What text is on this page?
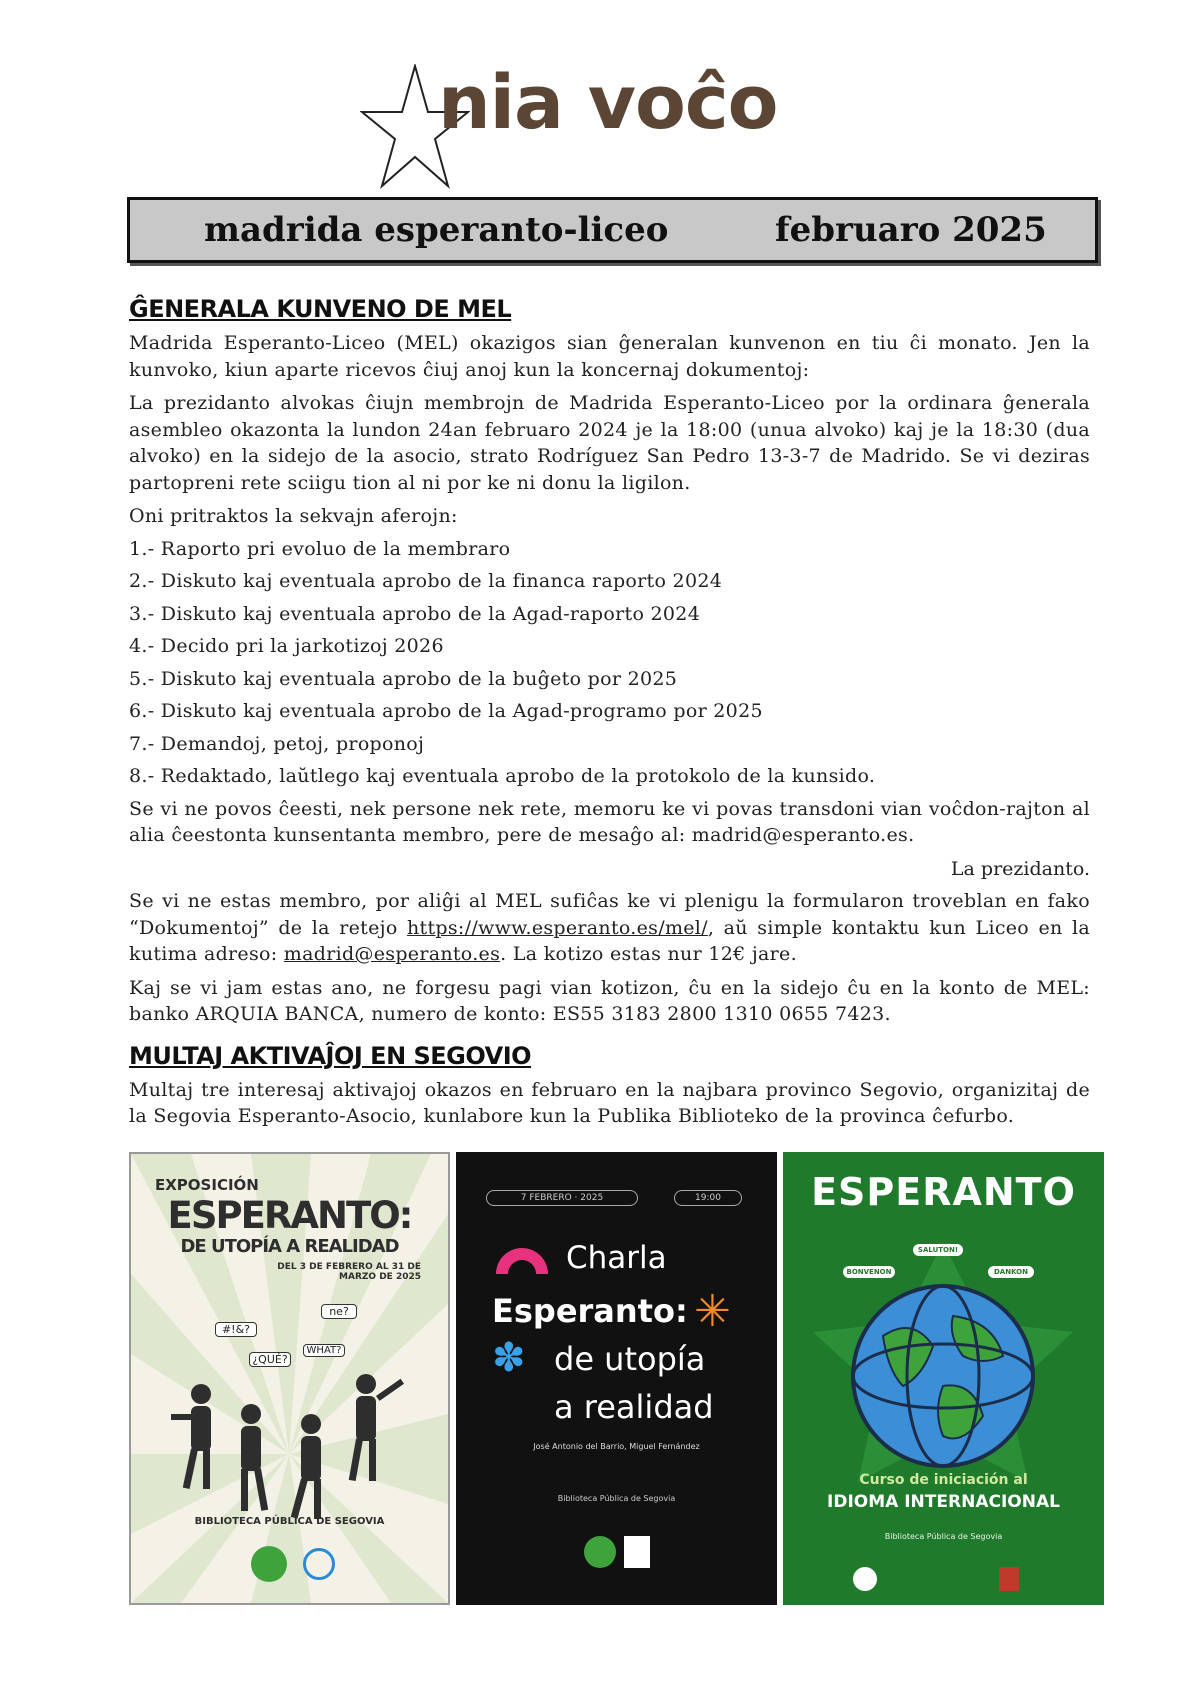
nia voĉo
madrida esperanto-liceo	februaro 2025
ĜENERALA KUNVENO DE MEL
Madrida Esperanto-Liceo (MEL) okazigos sian ĝeneralan kunvenon en tiu ĉi monato. Jen la kunvoko, kiun aparte ricevos ĉiuj anoj kun la koncernaj dokumentoj:
La prezidanto alvokas ĉiujn membrojn de Madrida Esperanto-Liceo por la ordinara ĝenerala asembleo okazonta la lundon 24an februaro 2024 je la 18:00 (unua alvoko) kaj je la 18:30 (dua alvoko) en la sidejo de la asocio, strato Rodríguez San Pedro 13-3-7 de Madrido. Se vi deziras partopreni rete sciigu tion al ni por ke ni donu la ligilon.
Oni pritraktos la sekvajn aferojn:
1.- Raporto pri evoluo de la membraro
2.- Diskuto kaj eventuala aprobo de la financa raporto 2024
3.- Diskuto kaj eventuala aprobo de la Agad-raporto 2024
4.- Decido pri la jarkotizoj 2026
5.- Diskuto kaj eventuala aprobo de la buĝeto por 2025
6.- Diskuto kaj eventuala aprobo de la Agad-programo por 2025
7.- Demandoj, petoj, proponoj
8.- Redaktado, laŭtlego kaj eventuala aprobo de la protokolo de la kunsido.
Se vi ne povos ĉeesti, nek persone nek rete, memoru ke vi povas transdoni vian voĉdon-rajton al alia ĉeestonta kunsentanta membro, pere de mesaĝo al: madrid@esperanto.es.
La prezidanto.
Se vi ne estas membro, por aliĝi al MEL sufiĉas ke vi plenigu la formularon troveblan en fako “Dokumentoj” de la retejo https://www.esperanto.es/mel/, aŭ simple kontaktu kun Liceo en la kutima adreso: madrid@esperanto.es. La kotizo estas nur 12€ jare.
Kaj se vi jam estas ano, ne forgesu pagi vian kotizon, ĉu en la sidejo ĉu en la konto de MEL: banko ARQUIA BANCA, numero de konto: ES55 3183 2800 1310 0655 7423.
MULTAJ AKTIVAĴOJ EN SEGOVIO
Multaj tre interesaj aktivajoj okazos en februaro en la najbara provinco Segovio, organizitaj de la Segovia Esperanto-Asocio, kunlabore kun la Publika Biblioteko de la provinca ĉefurbo.
EXPOSICIÓN
ESPERANTO:
DE UTOPÍA A REALIDAD
DEL 3 DE FEBRERO AL 31 DE MARZO DE 2025
#!&?
ne?
¿QUÉ?
WHAT?
BIBLIOTECA PÚBLICA DE SEGOVIA
7 FEBRERO · 2025	19:00
Charla
Esperanto: ✳
✽ de utopía
a realidad
José Antonio del Barrio, Miguel Fernández
Biblioteca Pública de Segovia
ESPERANTO
SALUTON!
BONVENON	DANKON
Curso de iniciación al
IDIOMA INTERNACIONAL
Biblioteca Pública de Segovia
